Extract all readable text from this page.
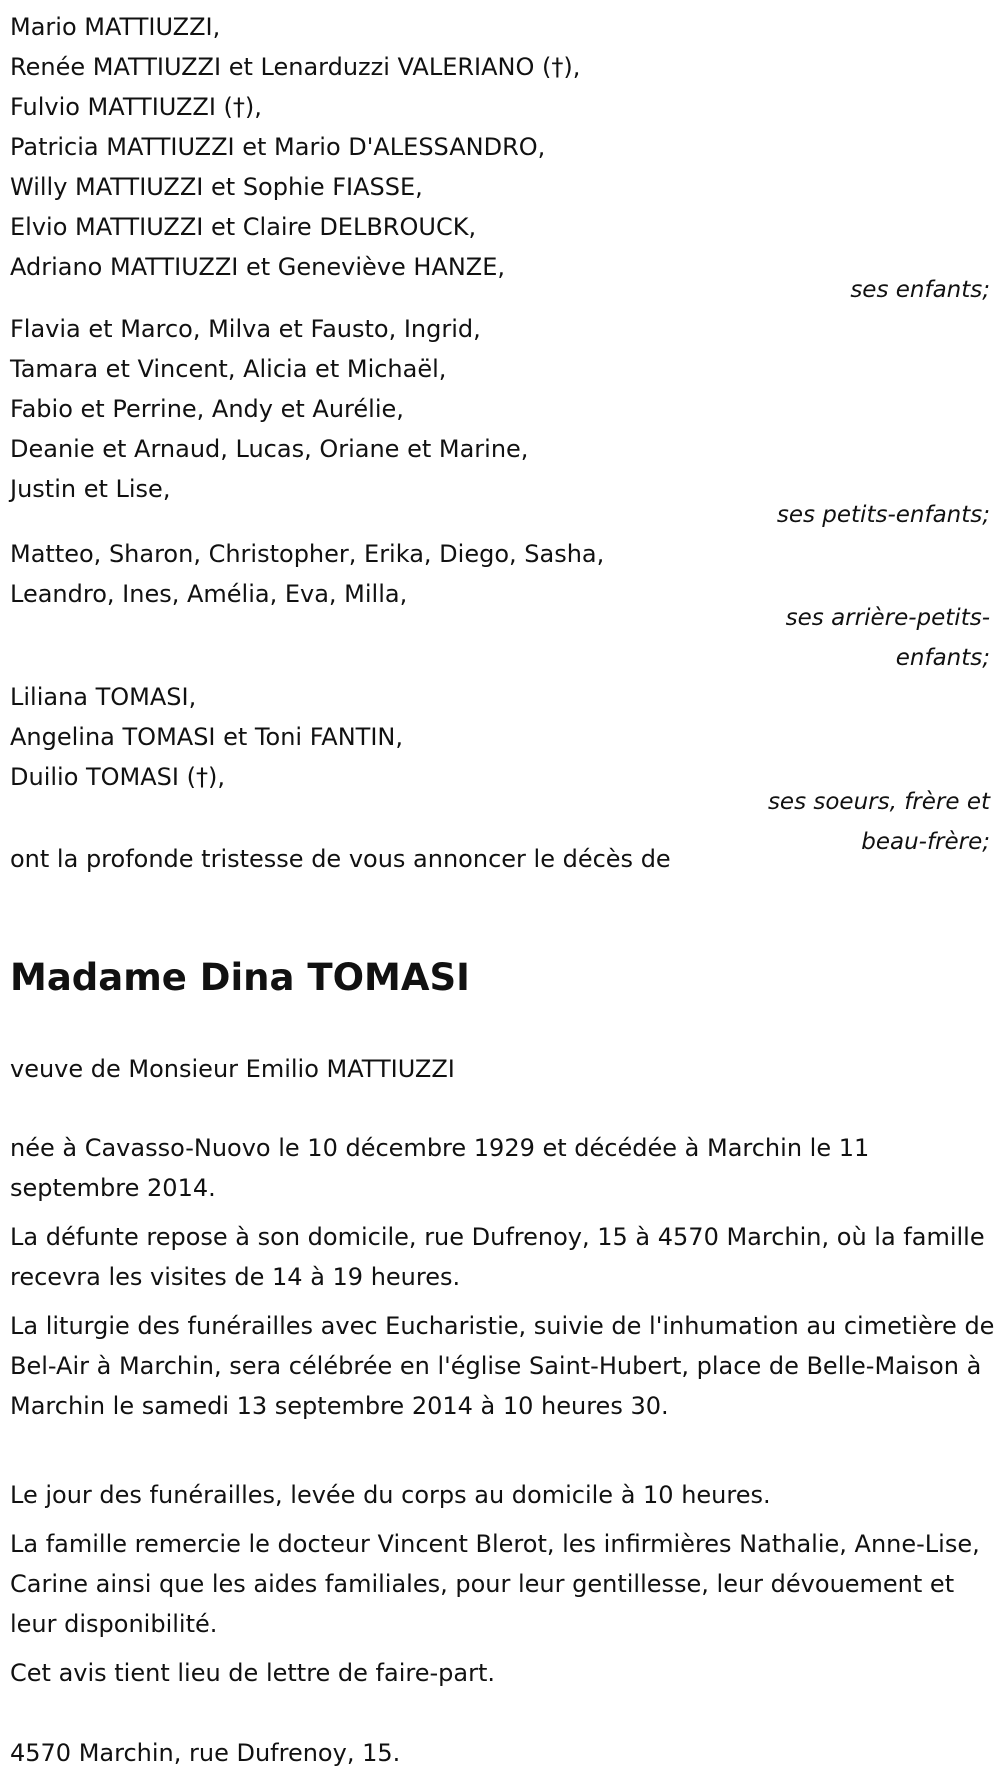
Mario MATTIUZZI,
Renée MATTIUZZI et Lenarduzzi VALERIANO (†),
Fulvio MATTIUZZI (†),
Patricia MATTIUZZI et Mario D'ALESSANDRO,
Willy MATTIUZZI et Sophie FIASSE,
Elvio MATTIUZZI et Claire DELBROUCK,
Adriano MATTIUZZI et Geneviève HANZE,
ses enfants;
Flavia et Marco, Milva et Fausto, Ingrid,
Tamara et Vincent, Alicia et Michaël,
Fabio et Perrine, Andy et Aurélie,
Deanie et Arnaud, Lucas, Oriane et Marine,
Justin et Lise,
ses petits-enfants;
Matteo, Sharon, Christopher, Erika, Diego, Sasha,
Leandro, Ines, Amélia, Eva, Milla,
ses arrière-petits-enfants;
Liliana TOMASI,
Angelina TOMASI et Toni FANTIN,
Duilio TOMASI (†),
ses soeurs, frère et beau-frère;

ont la profonde tristesse de vous annoncer le décès de

Madame Dina TOMASI

veuve de Monsieur Emilio MATTIUZZI

née à Cavasso-Nuovo le 10 décembre 1929 et décédée à Marchin le 11 septembre 2014.

La défunte repose à son domicile, rue Dufrenoy, 15 à 4570 Marchin, où la famille recevra les visites de 14 à 19 heures.

La liturgie des funérailles avec Eucharistie, suivie de l'inhumation au cimetière de Bel-Air à Marchin, sera célébrée en l'église Saint-Hubert, place de Belle-Maison à Marchin le samedi 13 septembre 2014 à 10 heures 30.

Le jour des funérailles, levée du corps au domicile à 10 heures.

La famille remercie le docteur Vincent Blerot, les infirmières Nathalie, Anne-Lise, Carine ainsi que les aides familiales, pour leur gentillesse, leur dévouement et leur disponibilité.

Cet avis tient lieu de lettre de faire-part.

4570 Marchin, rue Dufrenoy, 15.
